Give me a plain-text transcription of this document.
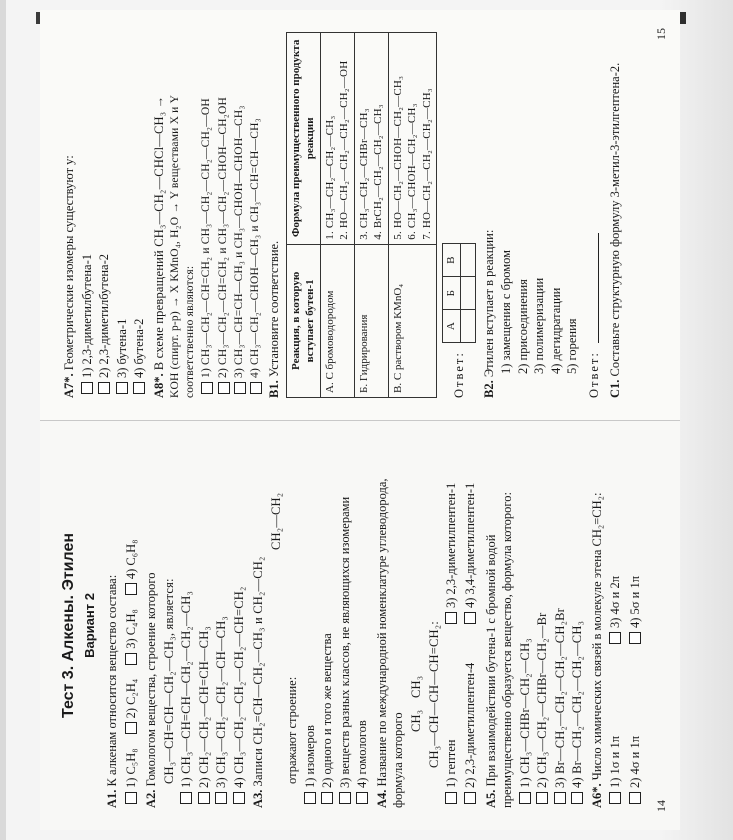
Тест 3. Алкены. Этилен Вариант 2
А1. К алкенам относится вещество состава: 1) C₅H₈
2) C₂H₄
3) C₄H₈
4) C₆H₈
А2. Гомологом вещества, строение которого CH₃—CH=CH—CH₂—CH₃, является: 1) CH₃—CH=CH—CH₂—CH₂—CH₃ 2) CH₂—CH₂—CH=CH—CH₃ 3) CH₃—CH₂—CH₂—CH—CH₃ 4) CH₃—CH₂—CH₂—CH₂—CH=CH₂
А3. Записи CH₂=CH—CH₂—CH₃ и CH₂—CH₂
CH₂—CH₂
отражают строение: 1) изомеров 2) одного и того же вещества 3) веществ разных классов, не являющихся изомерами 4) гомологов
А4. Название по международной номенклатуре углеводорода, формула которого CH₃
CH₃ CH₃—CH—CH—CH=CH₂: 1) гептен
3) 2,3-диметилпентен-1
2) 2,3-диметилпентен-4
4) 3,4-диметилпентен-1
А5. При взаимодействии бутена-1 с бромной водой преимущественно образуется вещество, формула которого: 1) CH₃—CHBr—CH₂—CH₃ 2) CH₃—CH₂—CHBr—CH₂—Br 3) Br—CH₂—CH₂—CH₂—CH₂Br 4) Br—CH₂—CH₂—CH₂—CH₃
А6*. Число химических связей в молекуле этена CH₂=CH₂: 1) 1σ и 1π
3) 4σ и 2π
2) 4σ и 1π
4) 5σ и 1π
14
А7*. Геометрические изомеры существуют у: 1) 2,3-диметилбутена-1 2) 2,3-диметилбутена-2 3) бутена-1 4) бутена-2
А8*. В схеме превращений CH₃—CH₂—CHCl—CH₃ → KOH (спирт. р-р) → X KMnO₄, H₂O → Y веществами X и Y соответственно являются: 1) CH₃—CH₂—CH=CH₂ и CH₃—CH₂—CH₂—CH₂—OH 2) CH₃—CH₂—CH=CH₂ и CH₃—CH₂—CHOH—CH₂OH 3) CH₃—CH=CH—CH₃ и CH₃—CHOH—CHOH—CH₃ 4) CH₃—CH₂—CHOH—CH₃ и CH₃—CH=CH—CH₃
В1. Установите соответствие. Реакция, в которую вступает бутен-1	Формула преимущественного продукта реакции
А. С бромоводородом	1. CH₃—CH₂—CH₂—CH₃ 2. HO—CH₂—CH₂—CH₂—CH₂—OH

Б. Гидрирования	3. CH₃—CH₂—CHBr—CH₃ 4. BrCH₂—CH₂—CH₂—CH₃

В. С раствором KMnO₄	5. HO—CH₂—CHOH—CH₂—CH₃ 6. CH₃—CHOH—CH₂—CH₃ 7. HO—CH₂—CH₂—CH₂—CH₃
Ответ:
А	Б	В

В2. Этилен вступает в реакции: 1) замещения с бромом 2) присоединения 3) полимеризации 4) дегидратации 5) горения
Ответ: С1. Составьте структурную формулу 3-метил-3-этилгептена-2.
15
